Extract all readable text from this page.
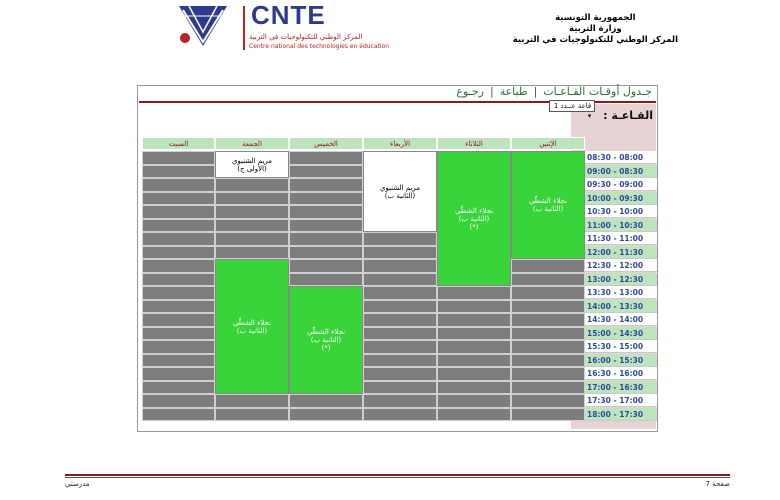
CNTE
المركز الوطني للتكنولوجيات في التربية
Centre national des technologies en éducation
الجمهورية التونسية
وزارة التربية
المركز الوطني للتكنولوجيات في التربية
جـدول أوقـات القـاعـات|طباعة|رجـوع
القـاعـة : قاعة عــدد 1 ▾
الإثنين
الثلاثاء
الأربعاء
الخميس
الجمعة
السبت
08:30 - 08:00
09:00 - 08:30
09:30 - 09:00
10:00 - 09:30
10:30 - 10:00
11:00 - 10:30
11:30 - 11:00
12:00 - 11:30
12:30 - 12:00
13:00 - 12:30
13:30 - 13:00
14:00 - 13:30
14:30 - 14:00
15:00 - 14:30
15:30 - 15:00
16:00 - 15:30
16:30 - 16:00
17:00 - 16:30
17:30 - 17:00
18:00 - 17:30
مريم الشنيوي
(الأولى ج)
مريم الشنيوي
(الثانية ب)
نجلاء الشطّي
(الثانية ب)
(*)
نجلاء الشطّي
(الثانية ب)
نجلاء الشطّي
(الثانية ب)	نجلاء الشطّي
(الثانية ب)
(*)
مدرستي	صفحة 7
